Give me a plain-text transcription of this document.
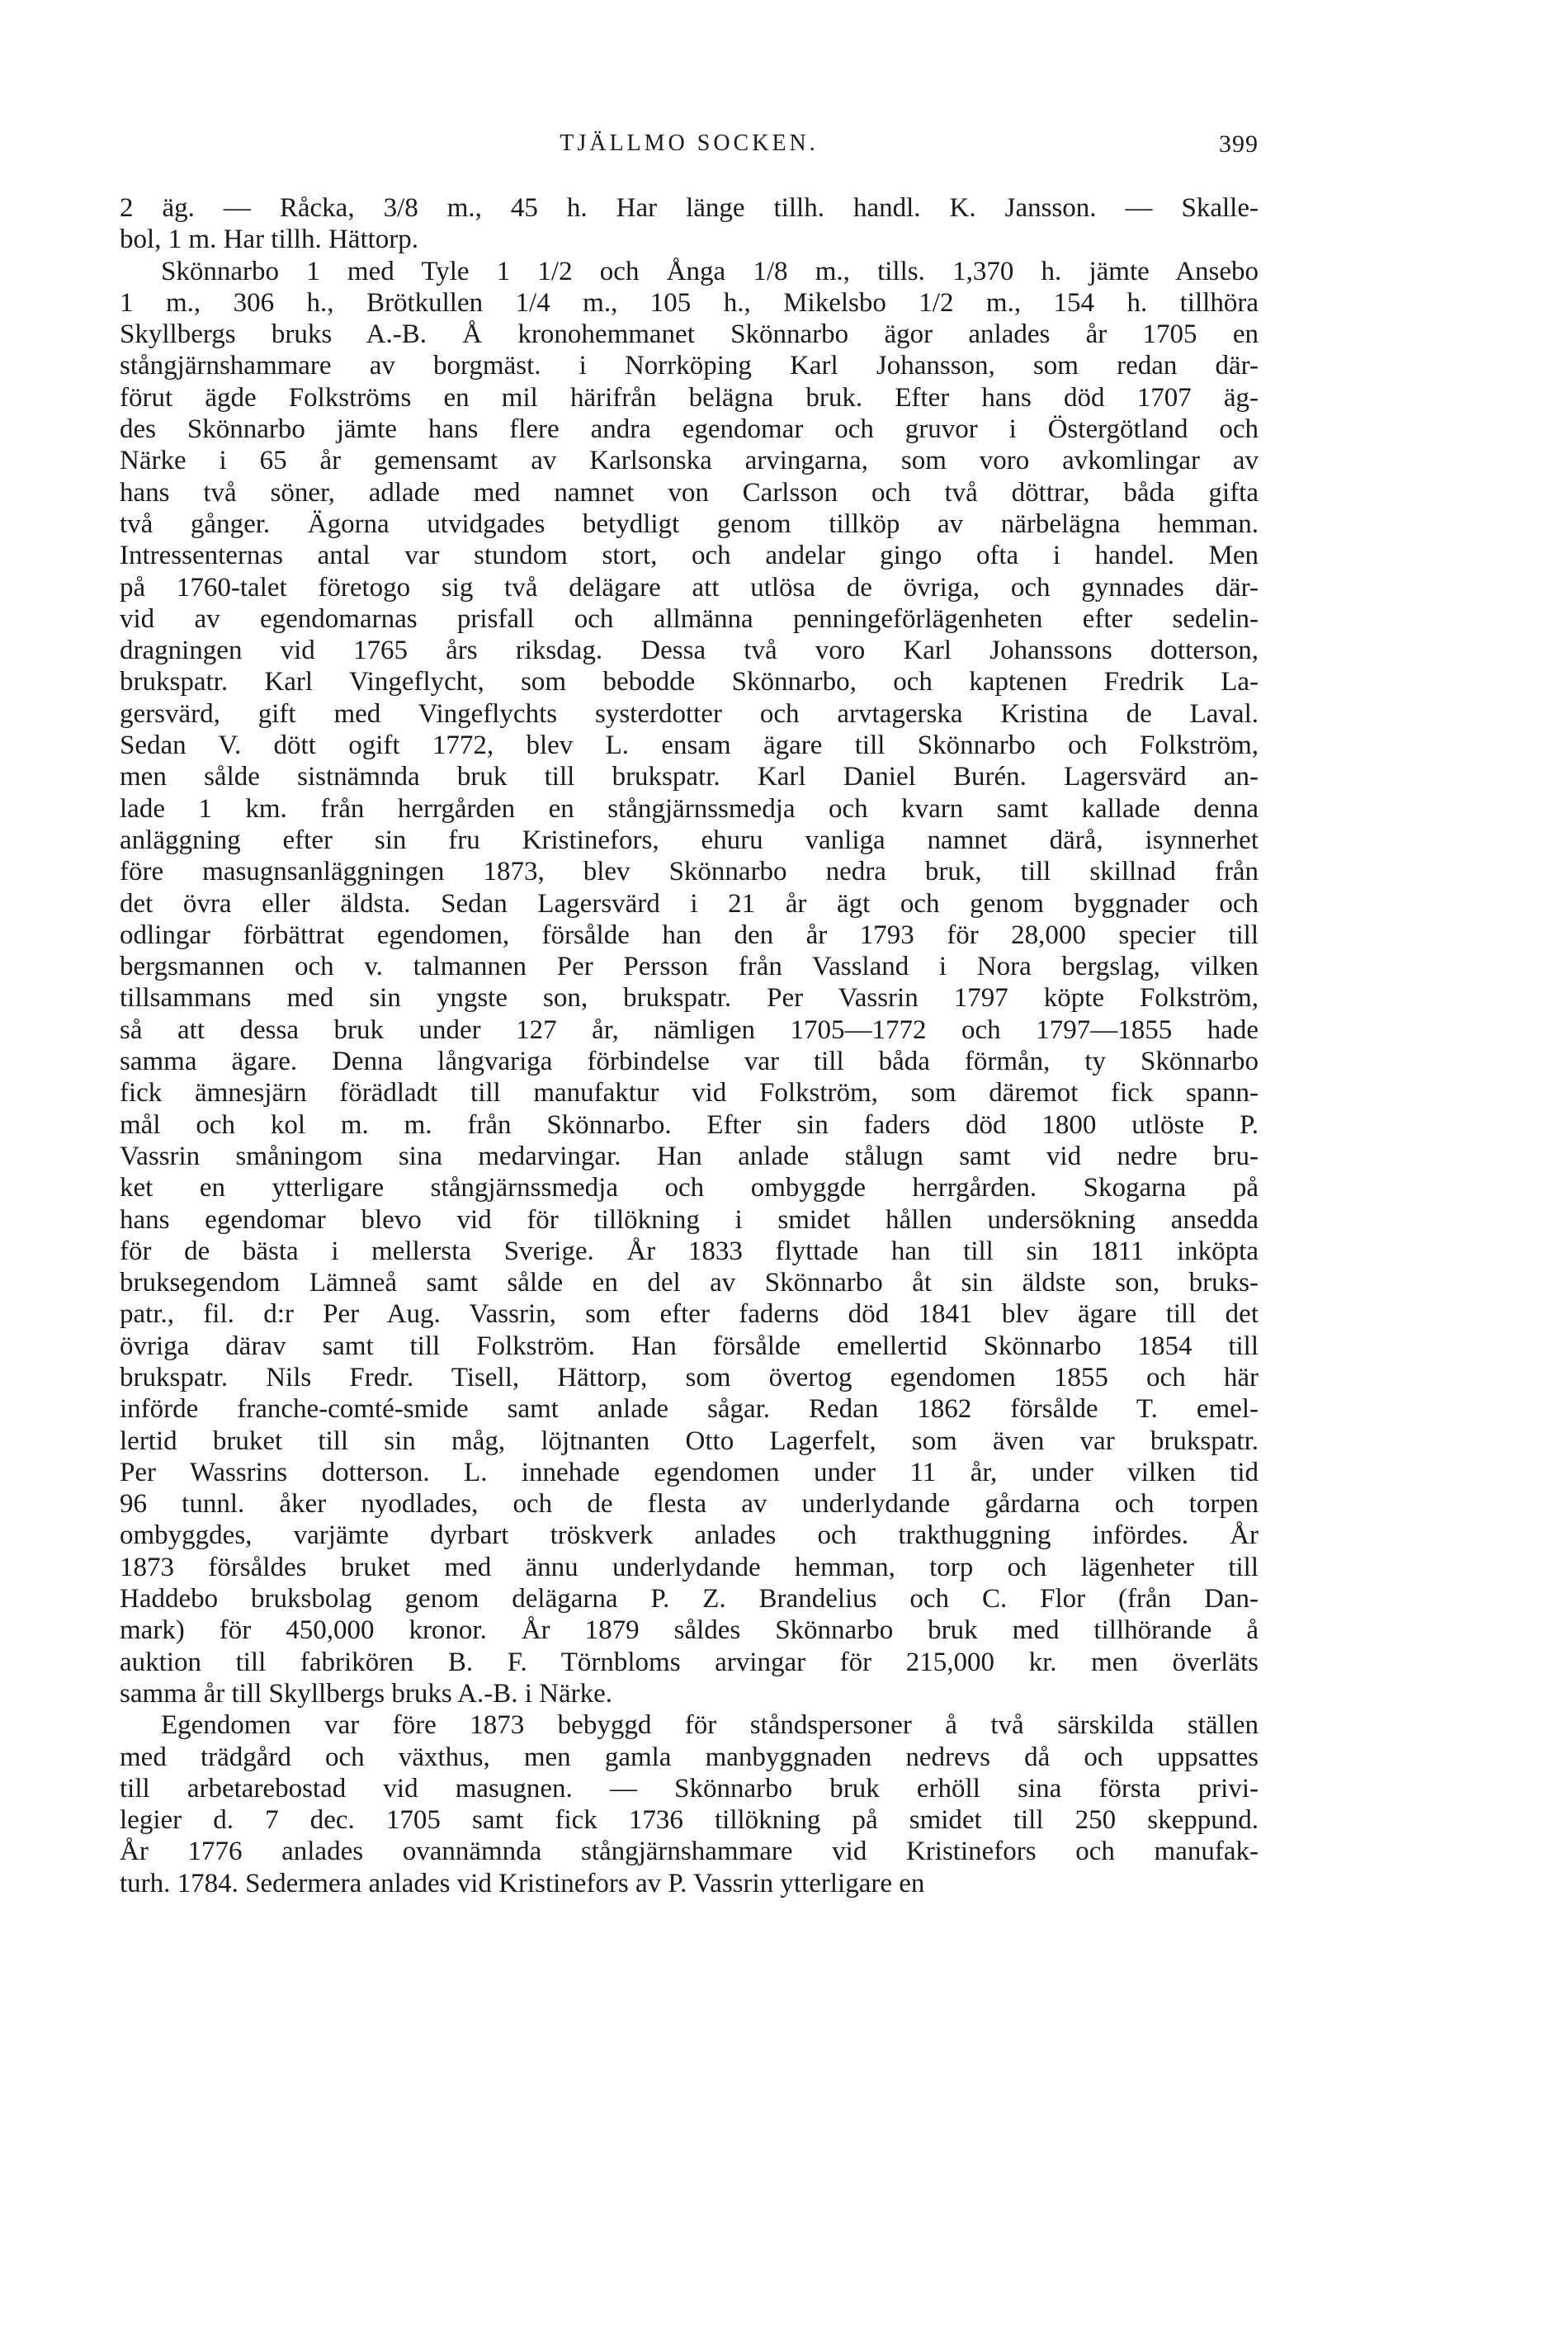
TJÄLLMO SOCKEN.	399
2 äg. — Råcka, 3/8 m., 45 h. Har länge tillh. handl. K. Jansson. — Skalle-
bol, 1 m. Har tillh. Hättorp.
Skönnarbo 1 med Tyle 1 1/2 och Ånga 1/8 m., tills. 1,370 h. jämte Ansebo
1 m., 306 h., Brötkullen 1/4 m., 105 h., Mikelsbo 1/2 m., 154 h. tillhöra
Skyllbergs bruks A.-B. Å kronohemmanet Skönnarbo ägor anlades år 1705 en
stångjärnshammare av borgmäst. i Norrköping Karl Johansson, som redan där-
förut ägde Folkströms en mil härifrån belägna bruk. Efter hans död 1707 äg-
des Skönnarbo jämte hans flere andra egendomar och gruvor i Östergötland och
Närke i 65 år gemensamt av Karlsonska arvingarna, som voro avkomlingar av
hans två söner, adlade med namnet von Carlsson och två döttrar, båda gifta
två gånger. Ägorna utvidgades betydligt genom tillköp av närbelägna hemman.
Intressenternas antal var stundom stort, och andelar gingo ofta i handel. Men
på 1760-talet företogo sig två delägare att utlösa de övriga, och gynnades där-
vid av egendomarnas prisfall och allmänna penningeförlägenheten efter sedelin-
dragningen vid 1765 års riksdag. Dessa två voro Karl Johanssons dotterson,
brukspatr. Karl Vingeflycht, som bebodde Skönnarbo, och kaptenen Fredrik La-
gersvärd, gift med Vingeflychts systerdotter och arvtagerska Kristina de Laval.
Sedan V. dött ogift 1772, blev L. ensam ägare till Skönnarbo och Folkström,
men sålde sistnämnda bruk till brukspatr. Karl Daniel Burén. Lagersvärd an-
lade 1 km. från herrgården en stångjärnssmedja och kvarn samt kallade denna
anläggning efter sin fru Kristinefors, ehuru vanliga namnet därå, isynnerhet
före masugnsanläggningen 1873, blev Skönnarbo nedra bruk, till skillnad från
det övra eller äldsta. Sedan Lagersvärd i 21 år ägt och genom byggnader och
odlingar förbättrat egendomen, försålde han den år 1793 för 28,000 specier till
bergsmannen och v. talmannen Per Persson från Vassland i Nora bergslag, vilken
tillsammans med sin yngste son, brukspatr. Per Vassrin 1797 köpte Folkström,
så att dessa bruk under 127 år, nämligen 1705—1772 och 1797—1855 hade
samma ägare. Denna långvariga förbindelse var till båda förmån, ty Skönnarbo
fick ämnesjärn förädladt till manufaktur vid Folkström, som däremot fick spann-
mål och kol m. m. från Skönnarbo. Efter sin faders död 1800 utlöste P.
Vassrin småningom sina medarvingar. Han anlade stålugn samt vid nedre bru-
ket en ytterligare stångjärnssmedja och ombyggde herrgården. Skogarna på
hans egendomar blevo vid för tillökning i smidet hållen undersökning ansedda
för de bästa i mellersta Sverige. År 1833 flyttade han till sin 1811 inköpta
bruksegendom Lämneå samt sålde en del av Skönnarbo åt sin äldste son, bruks-
patr., fil. d:r Per Aug. Vassrin, som efter faderns död 1841 blev ägare till det
övriga därav samt till Folkström. Han försålde emellertid Skönnarbo 1854 till
brukspatr. Nils Fredr. Tisell, Hättorp, som övertog egendomen 1855 och här
införde franche-comté-smide samt anlade sågar. Redan 1862 försålde T. emel-
lertid bruket till sin måg, löjtnanten Otto Lagerfelt, som även var brukspatr.
Per Wassrins dotterson. L. innehade egendomen under 11 år, under vilken tid
96 tunnl. åker nyodlades, och de flesta av underlydande gårdarna och torpen
ombyggdes, varjämte dyrbart tröskverk anlades och trakthuggning infördes. År
1873 försåldes bruket med ännu underlydande hemman, torp och lägenheter till
Haddebo bruksbolag genom delägarna P. Z. Brandelius och C. Flor (från Dan-
mark) för 450,000 kronor. År 1879 såldes Skönnarbo bruk med tillhörande å
auktion till fabrikören B. F. Törnbloms arvingar för 215,000 kr. men överläts
samma år till Skyllbergs bruks A.-B. i Närke.
Egendomen var före 1873 bebyggd för ståndspersoner å två särskilda ställen
med trädgård och växthus, men gamla manbyggnaden nedrevs då och uppsattes
till arbetarebostad vid masugnen. — Skönnarbo bruk erhöll sina första privi-
legier d. 7 dec. 1705 samt fick 1736 tillökning på smidet till 250 skeppund.
År 1776 anlades ovannämnda stångjärnshammare vid Kristinefors och manufak-
turh. 1784. Sedermera anlades vid Kristinefors av P. Vassrin ytterligare en
